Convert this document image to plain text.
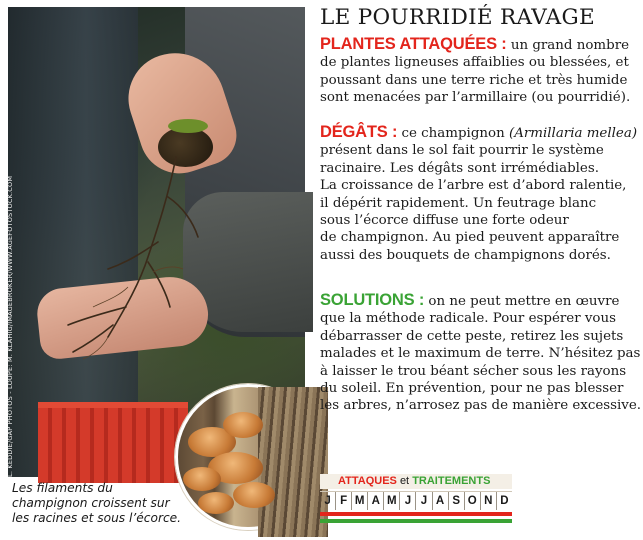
L. KEDDIE/GAP PHOTOS - LOUPE: M. KLAHIG/IMAGEBROKER/WWW.AGEFOTOSTOCK.COM
Les filaments du
champignon croissent sur
les racines et sous l’écorce.
LE POURRIDIÉ RAVAGE
PLANTES ATTAQUÉES : un grand nombre
de plantes ligneuses affaiblies ou blessées, et
poussant dans une terre riche et très humide
sont menacées par l’armillaire (ou pourridié).
DÉGÂTS : ce champignon (Armillaria mellea)
présent dans le sol fait pourrir le système
racinaire. Les dégâts sont irrémédiables.
La croissance de l’arbre est d’abord ralentie,
il dépérit rapidement. Un feutrage blanc
sous l’écorce diffuse une forte odeur
de champignon. Au pied peuvent apparaître
aussi des bouquets de champignons dorés.
SOLUTIONS : on ne peut mettre en œuvre
que la méthode radicale. Pour espérer vous
débarrasser de cette peste, retirez les sujets
malades et le maximum de terre. N’hésitez pas
à laisser le trou béant sécher sous les rayons
du soleil. En prévention, pour ne pas blesser
les arbres, n’arrosez pas de manière excessive.
ATTAQUES et TRAITEMENTS
J F M A M J J A S O N D
